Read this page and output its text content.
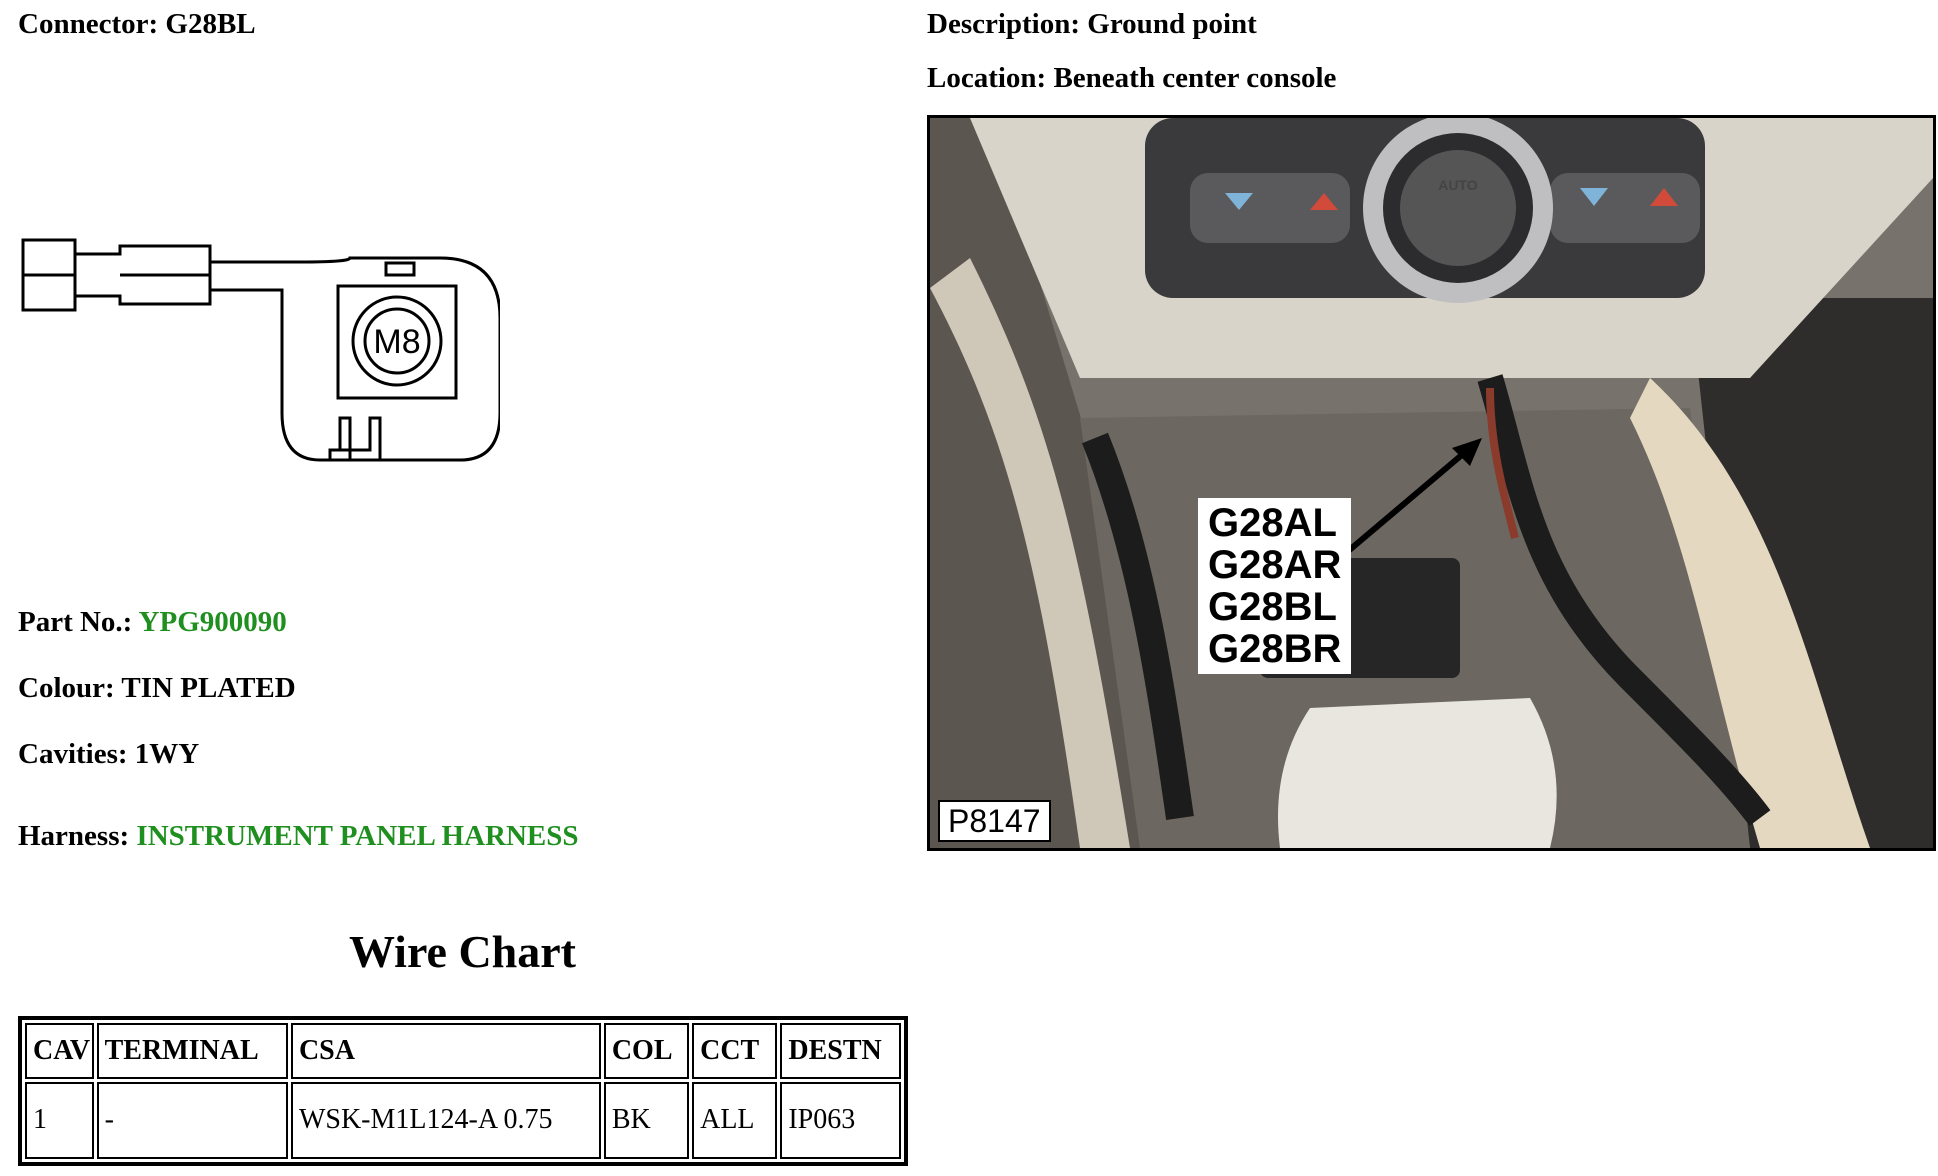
Connector: G28BL
M8
Part No.: YPG900090
Colour: TIN PLATED
Cavities: 1WY
Harness: INSTRUMENT PANEL HARNESS
Wire Chart
CAV	TERMINAL	CSA	COL	CCT	DESTN
1	-	WSK-M1L124-A 0.75	BK	ALL	IP063
Description: Ground point
Location: Beneath center console
AUTO
G28AL
G28AR
G28BL
G28BR
P8147
